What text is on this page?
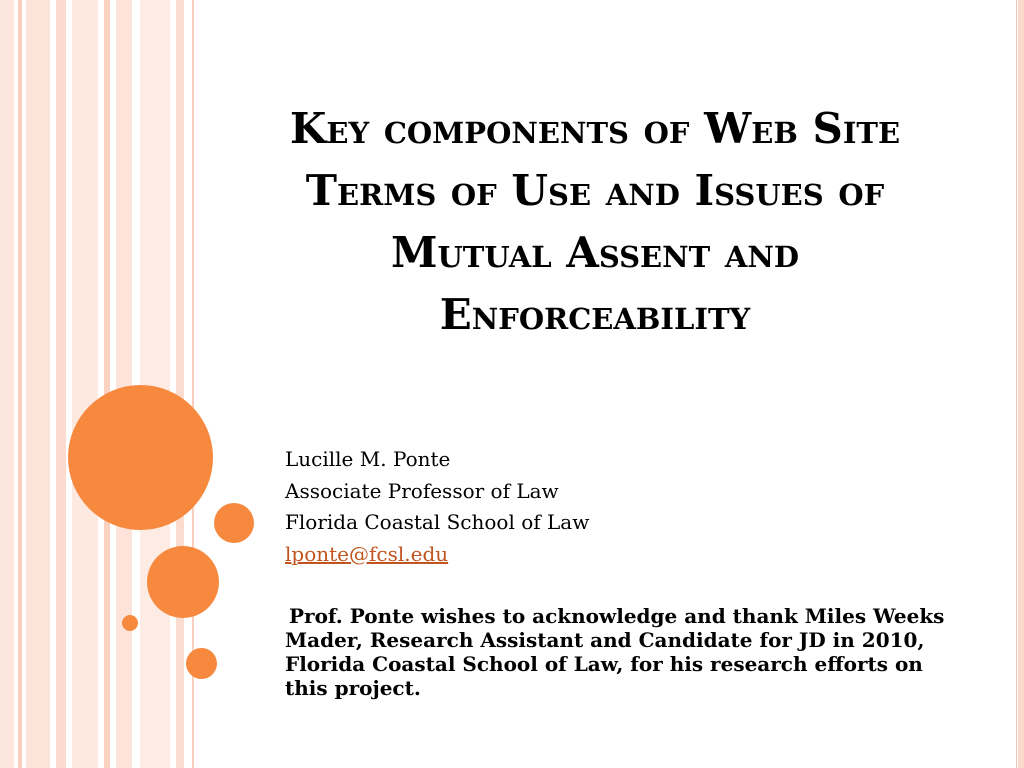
Key components of Web Site Terms of Use and Issues of Mutual Assent and Enforceability
Lucille M. Ponte
Associate Professor of Law
Florida Coastal School of Law
lponte@fcsl.edu
Prof. Ponte wishes to acknowledge and thank Miles Weeks Mader, Research Assistant and Candidate for JD in 2010, Florida Coastal School of Law, for his research efforts on this project.
